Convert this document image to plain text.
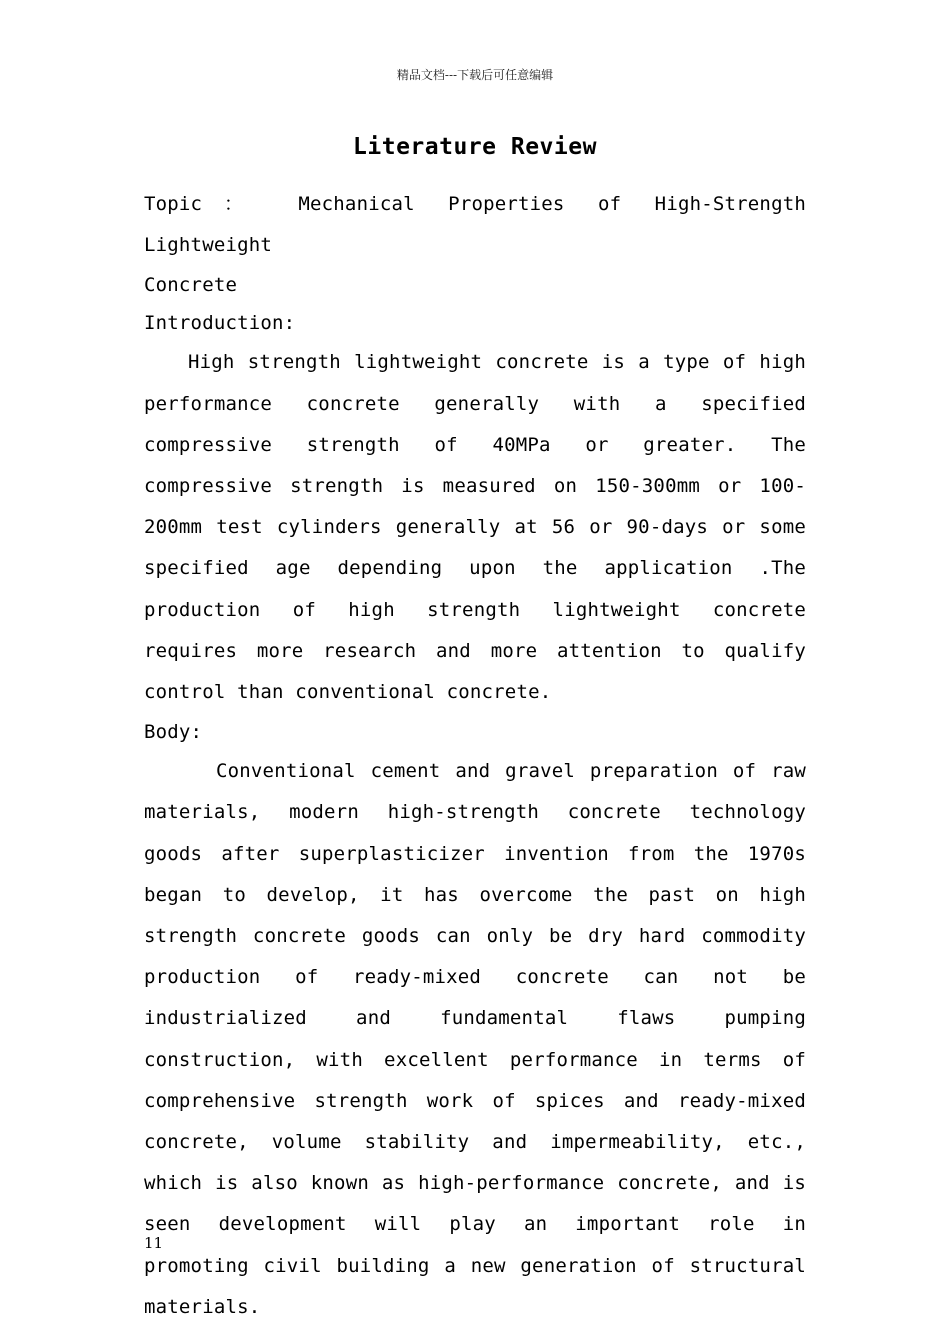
精品文档---下载后可任意编辑
Literature Review
Topic： Mechanical Properties of High-Strength Lightweight
Concrete
Introduction:
High strength lightweight concrete is a type of high performance concrete generally with a specified compressive strength of 40MPa or greater. The compressive strength is measured on 150-300mm or 100-200mm test cylinders generally at 56 or 90-days or some specified age depending upon the application .The production of high strength lightweight concrete requires more research and more attention to qualify control than conventional concrete.
Body:
Conventional cement and gravel preparation of raw materials, modern high-strength concrete technology goods after superplasticizer invention from the 1970s began to develop, it has overcome the past on high strength concrete goods can only be dry hard commodity production of ready-mixed concrete can not be industrialized and fundamental flaws pumping construction, with excellent performance in terms of comprehensive strength work of spices and ready-mixed concrete, volume stability and impermeability, etc., which is also known as high-performance concrete, and is seen development will play an important role in promoting civil building a new generation of structural materials.
11
